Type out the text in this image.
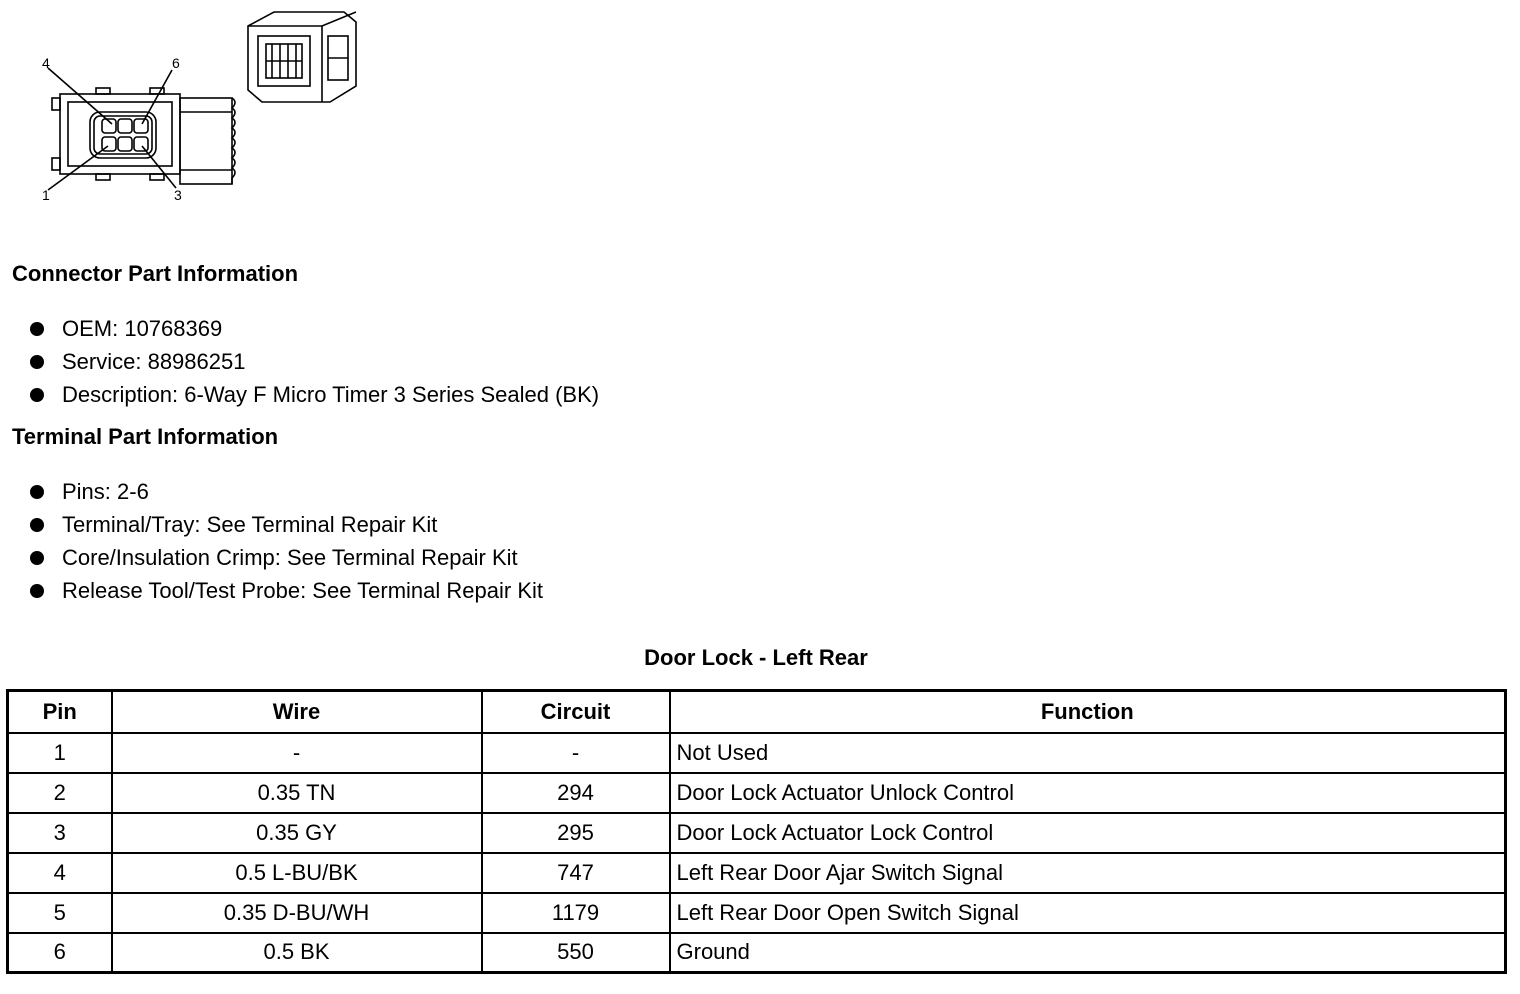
4	6
1	3
Connector Part Information
OEM: 10768369
Service: 88986251
Description: 6-Way F Micro Timer 3 Series Sealed (BK)
Terminal Part Information
Pins: 2-6
Terminal/Tray: See Terminal Repair Kit
Core/Insulation Crimp: See Terminal Repair Kit
Release Tool/Test Probe: See Terminal Repair Kit
Door Lock - Left Rear
Pin	Wire	Circuit	Function
1	-	-	Not Used
2	0.35 TN	294	Door Lock Actuator Unlock Control
3	0.35 GY	295	Door Lock Actuator Lock Control
4	0.5 L-BU/BK	747	Left Rear Door Ajar Switch Signal
5	0.35 D-BU/WH	1179	Left Rear Door Open Switch Signal
6	0.5 BK	550	Ground
